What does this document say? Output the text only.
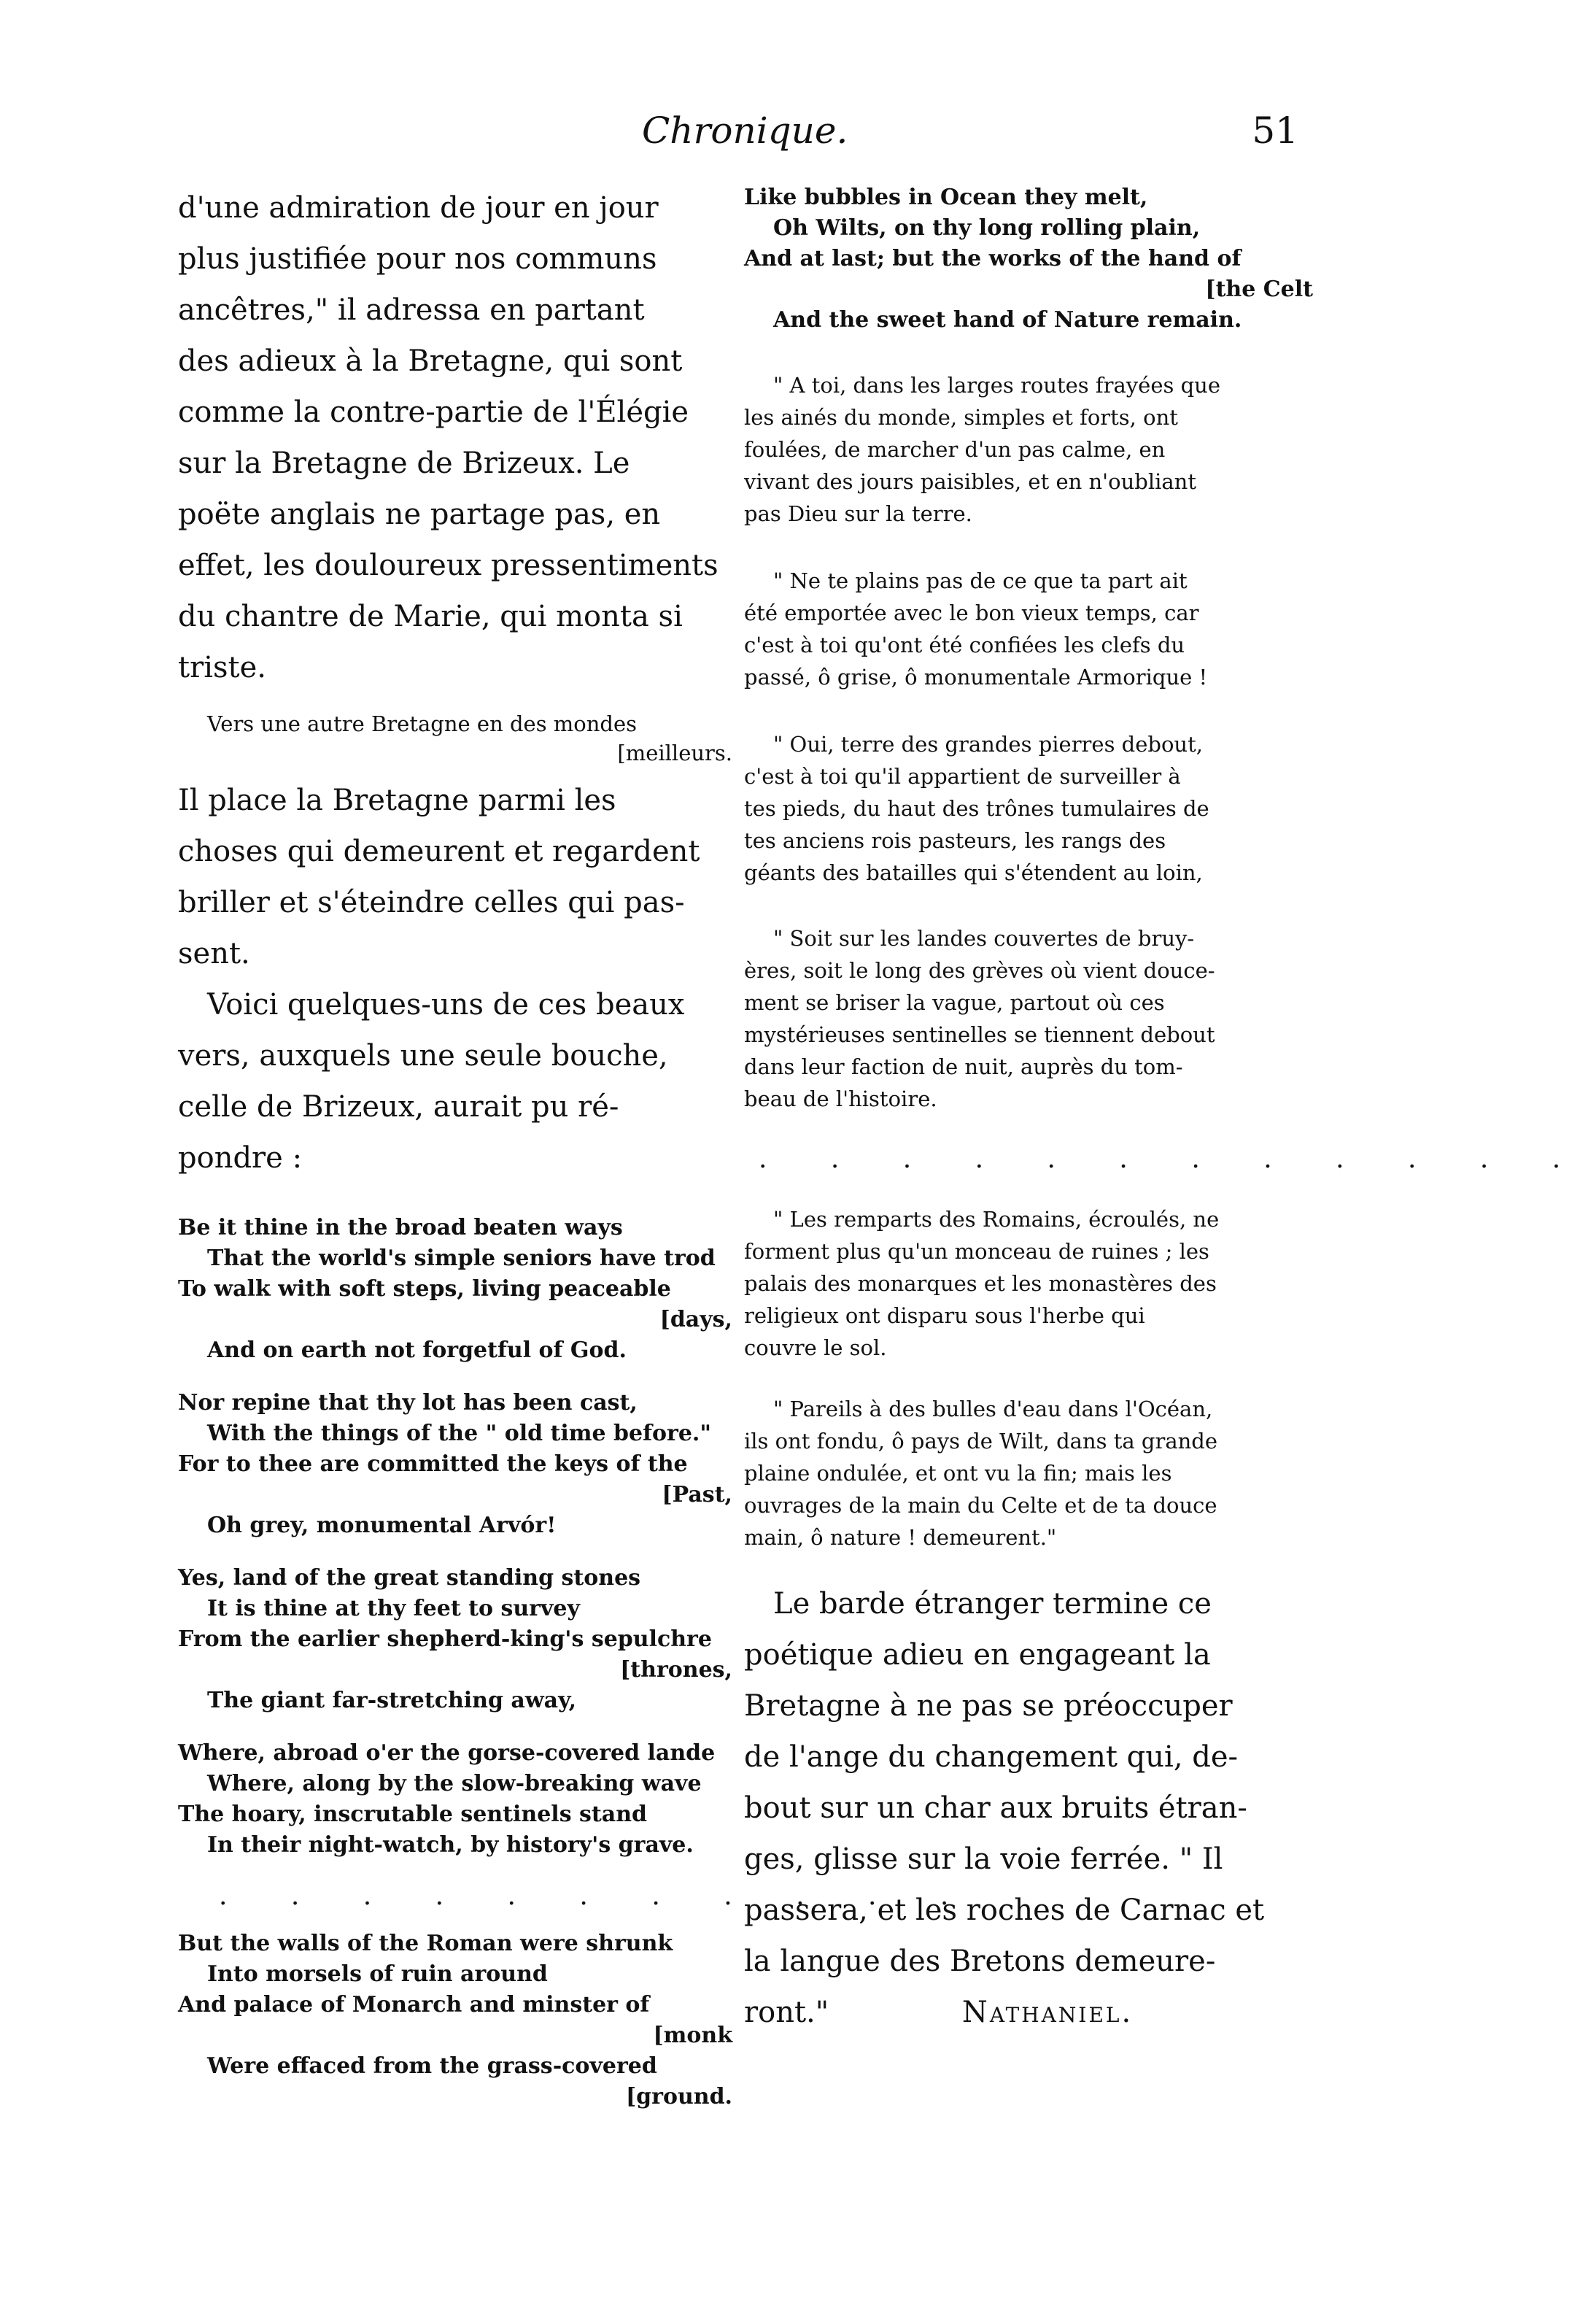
Chronique.	51
d'une admiration de jour en jour
plus justifiée pour nos communs
ancêtres," il adressa en partant
des adieux à la Bretagne, qui sont
comme la contre-partie de l'Élégie
sur la Bretagne de Brizeux. Le
poëte anglais ne partage pas, en
effet, les douloureux pressentiments
du chantre de Marie, qui monta si
triste.
Vers une autre Bretagne en des mondes
[meilleurs.
Il place la Bretagne parmi les
choses qui demeurent et regardent
briller et s'éteindre celles qui pas-
sent.
Voici quelques-uns de ces beaux
vers, auxquels une seule bouche,
celle de Brizeux, aurait pu ré-
pondre :
Be it thine in the broad beaten ways
That the world's simple seniors have trod
To walk with soft steps, living peaceable
[days,
And on earth not forgetful of God.
Nor repine that thy lot has been cast,
With the things of the " old time before."
For to thee are committed the keys of the
[Past,
Oh grey, monumental Arvór!
Yes, land of the great standing stones
It is thine at thy feet to survey
From the earlier shepherd-king's sepulchre
[thrones,
The giant far-stretching away,
Where, abroad o'er the gorse-covered lande
Where, along by the slow-breaking wave
The hoary, inscrutable sentinels stand
In their night-watch, by history's grave.
. . . . . . . . . . .
But the walls of the Roman were shrunk
Into morsels of ruin around
And palace of Monarch and minster of
[monk
Were effaced from the grass-covered
[ground.
Like bubbles in Ocean they melt,
Oh Wilts, on thy long rolling plain,
And at last; but the works of the hand of
[the Celt
And the sweet hand of Nature remain.
" A toi, dans les larges routes frayées que
les ainés du monde, simples et forts, ont
foulées, de marcher d'un pas calme, en
vivant des jours paisibles, et en n'oubliant
pas Dieu sur la terre.
" Ne te plains pas de ce que ta part ait
été emportée avec le bon vieux temps, car
c'est à toi qu'ont été confiées les clefs du
passé, ô grise, ô monumentale Armorique !
" Oui, terre des grandes pierres debout,
c'est à toi qu'il appartient de surveiller à
tes pieds, du haut des trônes tumulaires de
tes anciens rois pasteurs, les rangs des
géants des batailles qui s'étendent au loin,
" Soit sur les landes couvertes de bruy-
ères, soit le long des grèves où vient douce-
ment se briser la vague, partout où ces
mystérieuses sentinelles se tiennent debout
dans leur faction de nuit, auprès du tom-
beau de l'histoire.
. . . . . . . . . . . .
" Les remparts des Romains, écroulés, ne
forment plus qu'un monceau de ruines ; les
palais des monarques et les monastères des
religieux ont disparu sous l'herbe qui
couvre le sol.
" Pareils à des bulles d'eau dans l'Océan,
ils ont fondu, ô pays de Wilt, dans ta grande
plaine ondulée, et ont vu la fin; mais les
ouvrages de la main du Celte et de ta douce
main, ô nature ! demeurent."
Le barde étranger termine ce
poétique adieu en engageant la
Bretagne à ne pas se préoccuper
de l'ange du changement qui, de-
bout sur un char aux bruits étran-
ges, glisse sur la voie ferrée. " Il
passera, et les roches de Carnac et
la langue des Bretons demeure-
ront."	Nathaniel.
